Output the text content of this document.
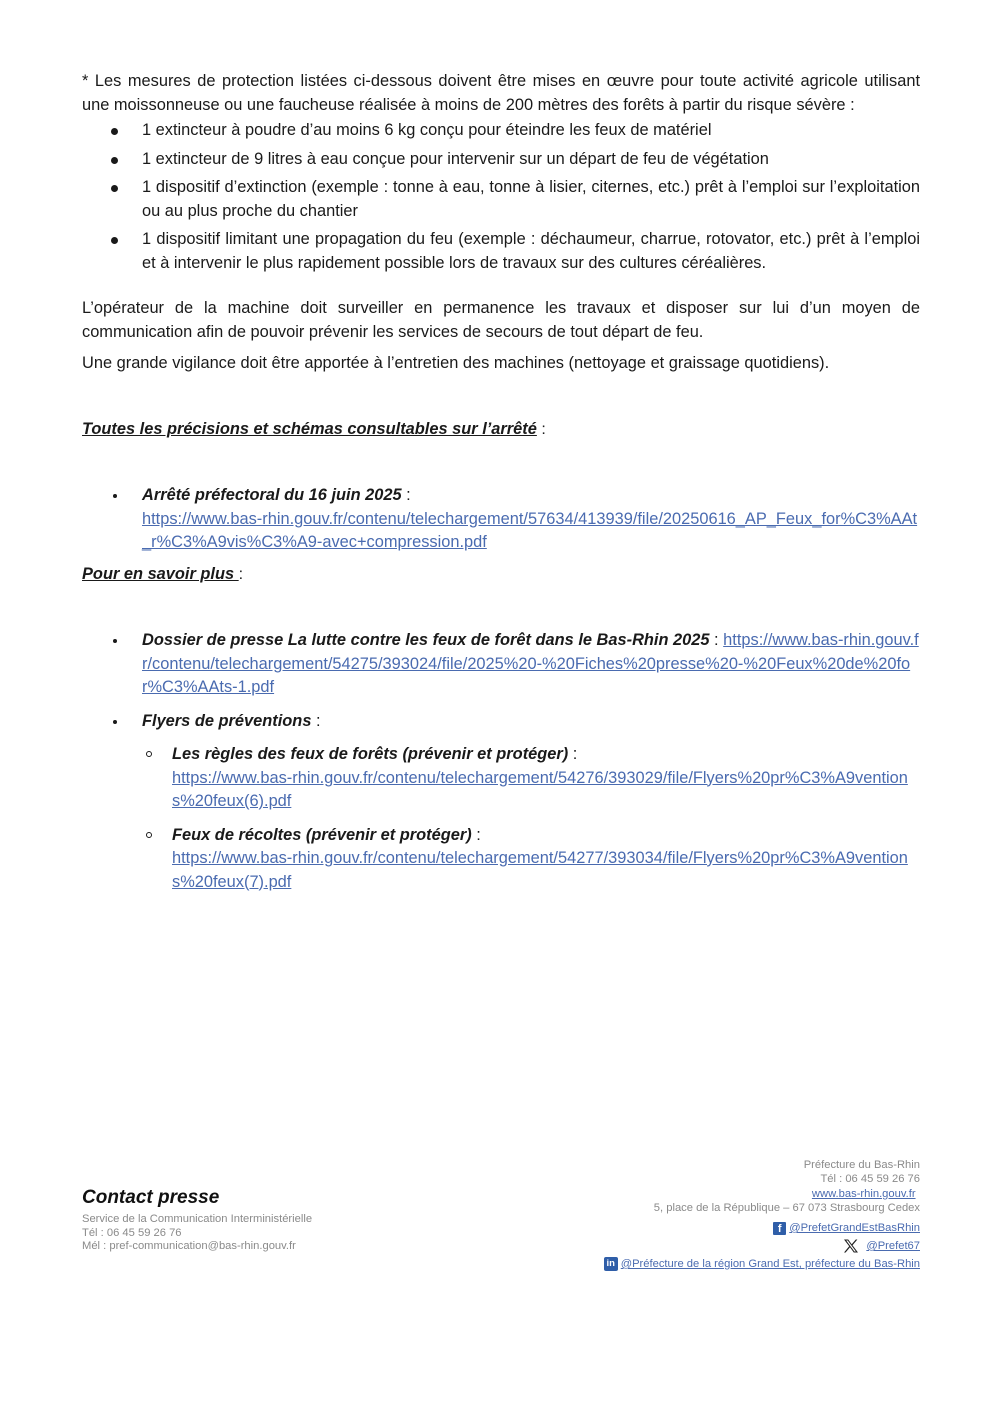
* Les mesures de protection listées ci-dessous doivent être mises en œuvre pour toute activité agricole utilisant une moissonneuse ou une faucheuse réalisée à moins de 200 mètres des forêts à partir du risque sévère :

1 extincteur à poudre d’au moins 6 kg conçu pour éteindre les feux de matériel
1 extincteur de 9 litres à eau conçue pour intervenir sur un départ de feu de végétation
1 dispositif d’extinction (exemple : tonne à eau, tonne à lisier, citernes, etc.) prêt à l’emploi sur l’exploitation ou au plus proche du chantier
1 dispositif limitant une propagation du feu (exemple : déchaumeur, charrue, rotovator, etc.) prêt à l’emploi et à intervenir le plus rapidement possible lors de travaux sur des cultures céréalières.

L’opérateur de la machine doit surveiller en permanence les travaux et disposer sur lui d’un moyen de communication afin de pouvoir prévenir les services de secours de tout départ de feu.

Une grande vigilance doit être apportée à l’entretien des machines (nettoyage et graissage quotidiens).

Toutes les précisions et schémas consultables sur l’arrêté :
Arrêté préfectoral du 16 juin 2025 :
https://www.bas-rhin.gouv.fr/contenu/telechargement/57634/413939/file/20250616_AP_Feux_for%C3%AAt_r%C3%A9vis%C3%A9-avec+compression.pdf
Pour en savoir plus :
Dossier de presse La lutte contre les feux de forêt dans le Bas-Rhin 2025 : https://www.bas-rhin.gouv.fr/contenu/telechargement/54275/393024/file/2025%20-%20Fiches%20presse%20-%20Feux%20de%20for%C3%AAts-1.pdf
Flyers de préventions :
Les règles des feux de forêts (prévenir et protéger) :
https://www.bas-rhin.gouv.fr/contenu/telechargement/54276/393029/file/Flyers%20pr%C3%A9ventions%20feux(6).pdf
Feux de récoltes (prévenir et protéger) :
https://www.bas-rhin.gouv.fr/contenu/telechargement/54277/393034/file/Flyers%20pr%C3%A9ventions%20feux(7).pdf
Contact presse
Service de la Communication Interministérielle
Tél : 06 45 59 26 76
Mél : pref-communication@bas-rhin.gouv.fr
Préfecture du Bas-Rhin
Tél : 06 45 59 26 76
www.bas-rhin.gouv.fr
5, place de la République – 67 073 Strasbourg Cedex
f @PrefetGrandEstBasRhin
@Prefet67
in @Préfecture de la région Grand Est, préfecture du Bas-Rhin
